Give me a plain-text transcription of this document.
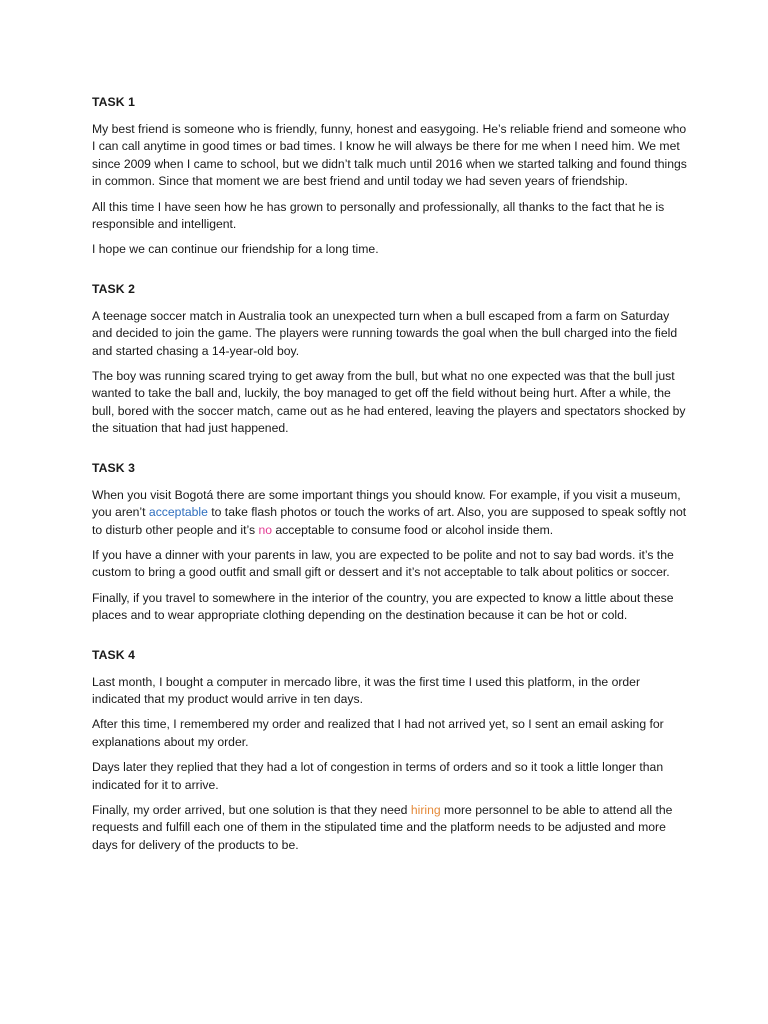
TASK 1

My best friend is someone who is friendly, funny, honest and easygoing. He’s reliable friend and someone who I can call anytime in good times or bad times. I know he will always be there for me when I need him. We met since 2009 when I came to school, but we didn’t talk much until 2016 when we started talking and found things in common. Since that moment we are best friend and until today we had seven years of friendship.

All this time I have seen how he has grown to personally and professionally, all thanks to the fact that he is responsible and intelligent.

I hope we can continue our friendship for a long time.

TASK 2

A teenage soccer match in Australia took an unexpected turn when a bull escaped from a farm on Saturday and decided to join the game. The players were running towards the goal when the bull charged into the field and started chasing a 14-year-old boy.

The boy was running scared trying to get away from the bull, but what no one expected was that the bull just wanted to take the ball and, luckily, the boy managed to get off the field without being hurt. After a while, the bull, bored with the soccer match, came out as he had entered, leaving the players and spectators shocked by the situation that had just happened.

TASK 3

When you visit Bogotá there are some important things you should know. For example, if you visit a museum, you aren’t acceptable to take flash photos or touch the works of art. Also, you are supposed to speak softly not to disturb other people and it’s no acceptable to consume food or alcohol inside them.

If you have a dinner with your parents in law, you are expected to be polite and not to say bad words. it’s the custom to bring a good outfit and small gift or dessert and it’s not acceptable to talk about politics or soccer.

Finally, if you travel to somewhere in the interior of the country, you are expected to know a little about these places and to wear appropriate clothing depending on the destination because it can be hot or cold.

TASK 4

Last month, I bought a computer in mercado libre, it was the first time I used this platform, in the order indicated that my product would arrive in ten days.

After this time, I remembered my order and realized that I had not arrived yet, so I sent an email asking for explanations about my order.

Days later they replied that they had a lot of congestion in terms of orders and so it took a little longer than indicated for it to arrive.

Finally, my order arrived, but one solution is that they need hiring more personnel to be able to attend all the requests and fulfill each one of them in the stipulated time and the platform needs to be adjusted and more days for delivery of the products to be.
